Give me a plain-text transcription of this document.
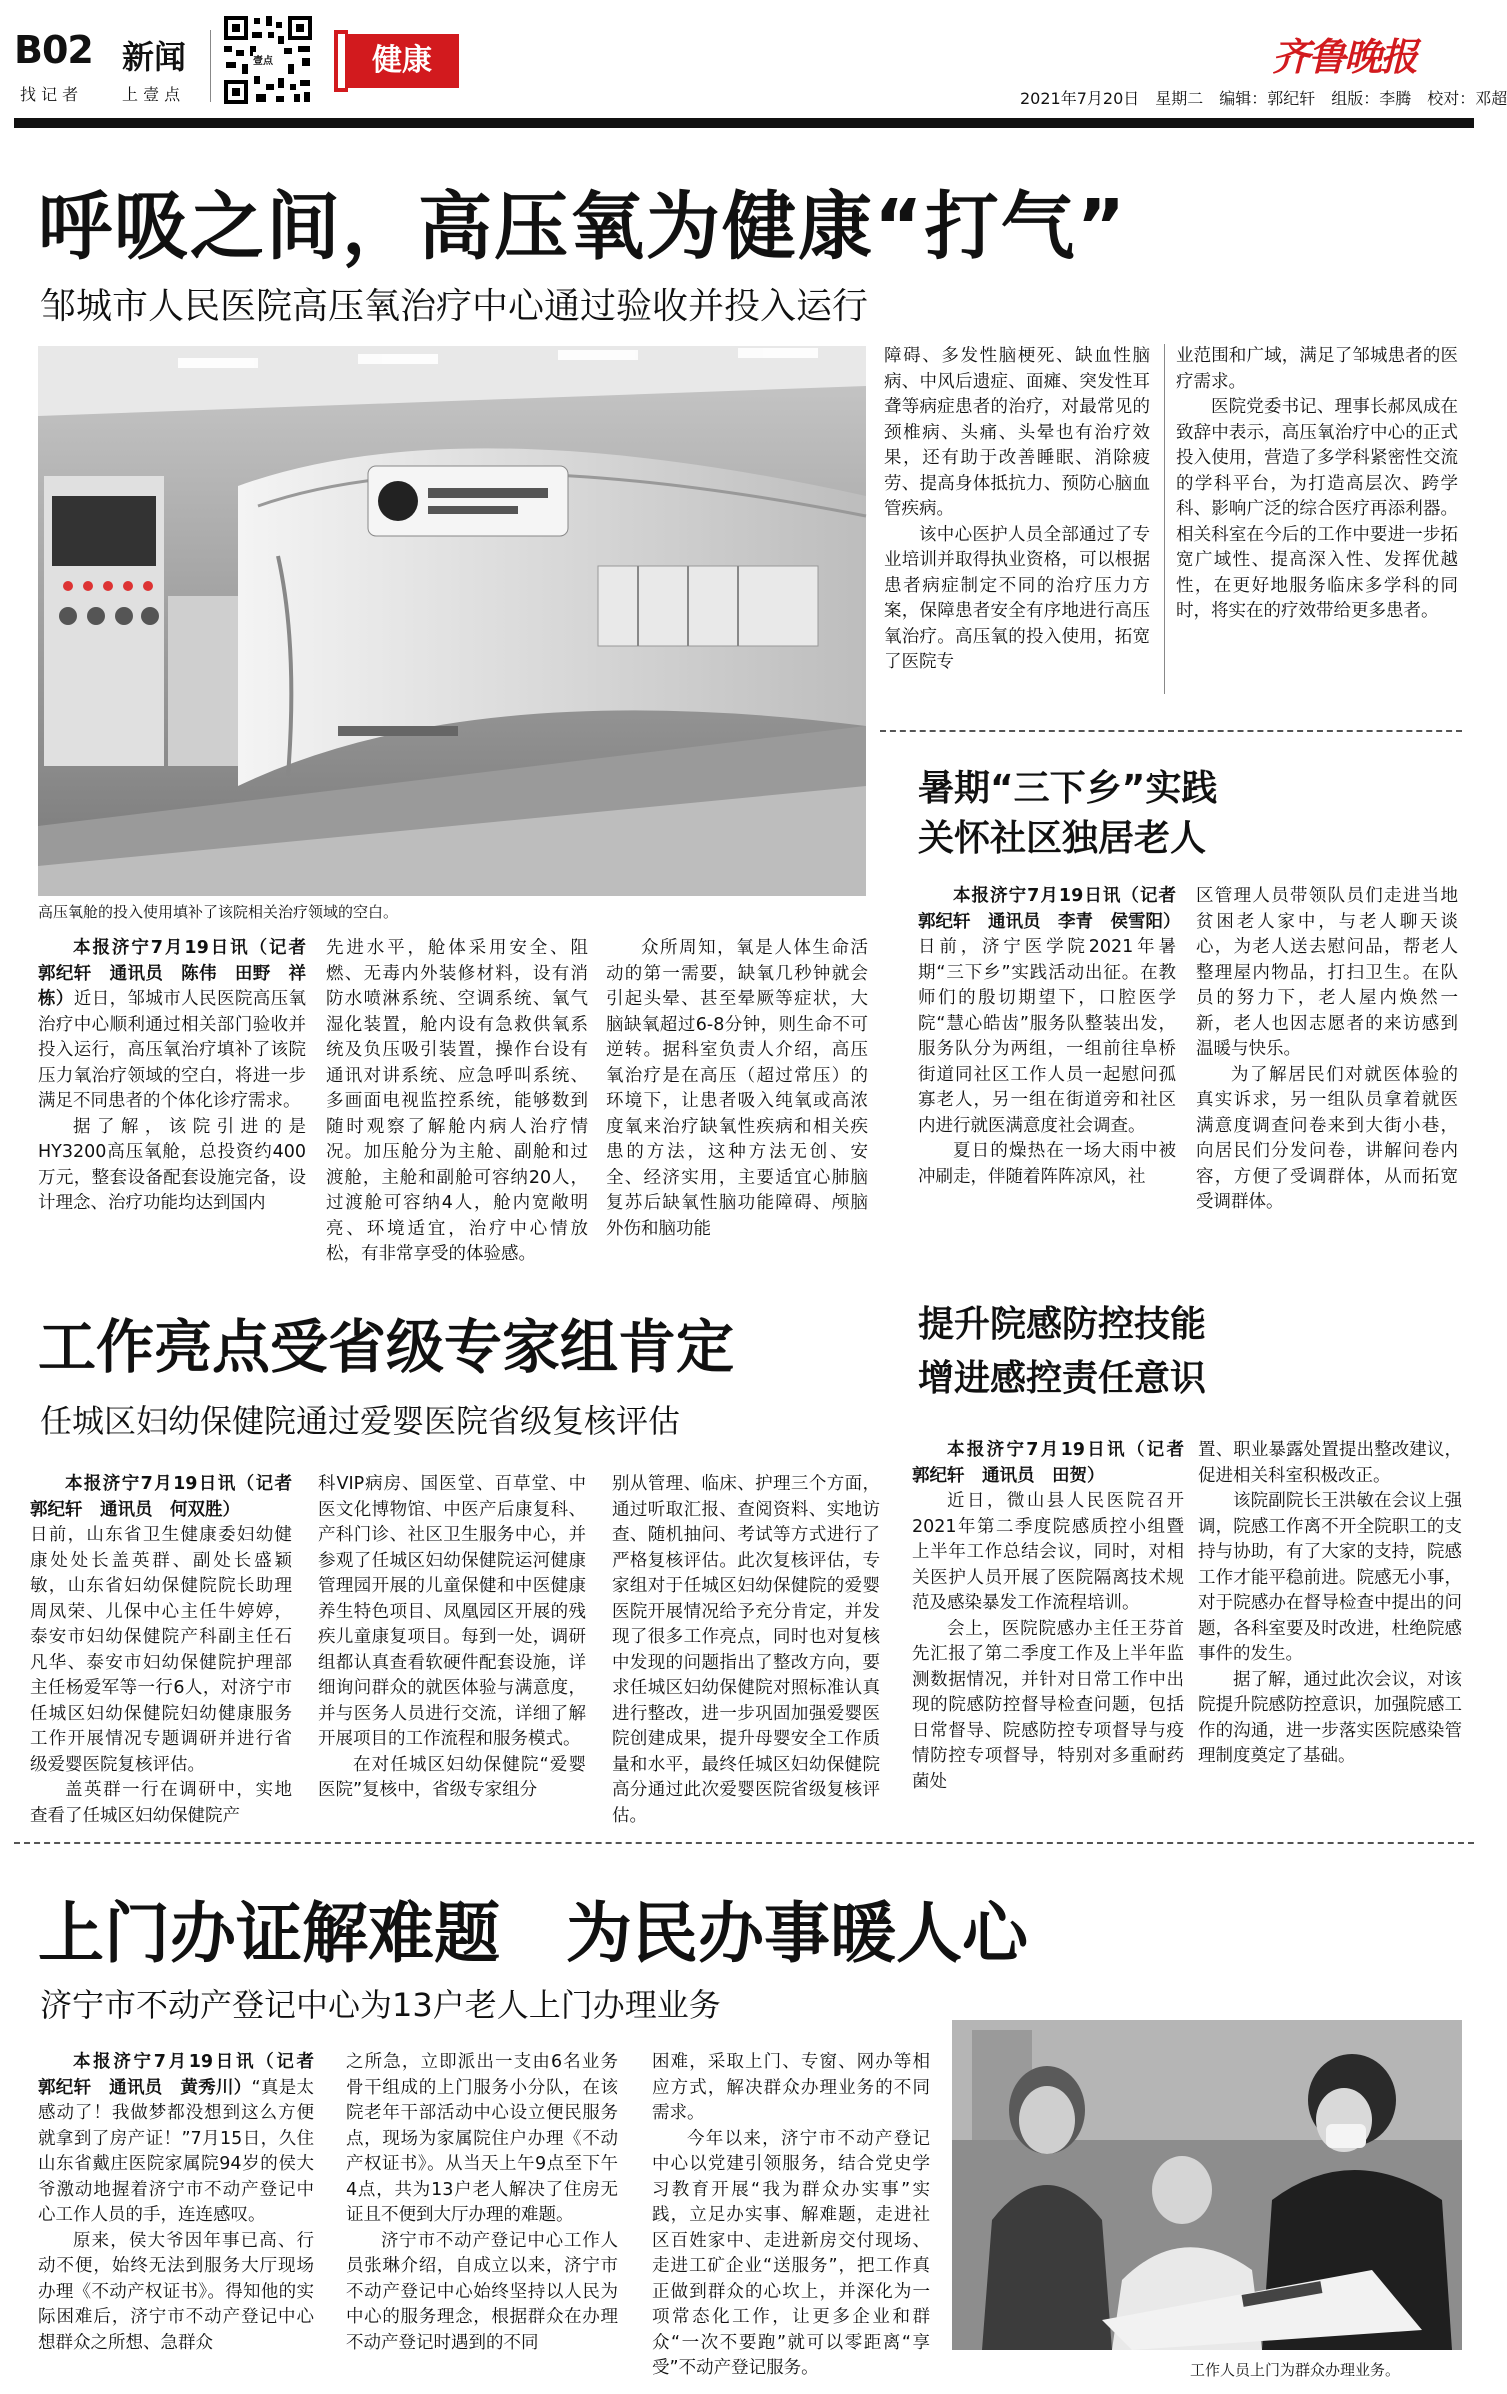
B02 新闻
找 记 者	上 壹 点
壹点	健康	齐鲁晚报
2021年7月20日　星期二　编辑：郭纪轩　组版：李腾　校对：邓超
呼吸之间，高压氧为健康“打气”
邹城市人民医院高压氧治疗中心通过验收并投入运行
高压氧舱的投入使用填补了该院相关治疗领域的空白。

障碍、多发性脑梗死、缺血性脑病、中风后遗症、面瘫、突发性耳聋等病症患者的治疗，对最常见的颈椎病、头痛、头晕也有治疗效果，还有助于改善睡眠、消除疲劳、提高身体抵抗力、预防心脑血管疾病。

该中心医护人员全部通过了专业培训并取得执业资格，可以根据患者病症制定不同的治疗压力方案，保障患者安全有序地进行高压氧治疗。高压氧的投入使用，拓宽了医院专

业范围和广域，满足了邹城患者的医疗需求。

医院党委书记、理事长郝凤成在致辞中表示，高压氧治疗中心的正式投入使用，营造了多学科紧密性交流的学科平台，为打造高层次、跨学科、影响广泛的综合医疗再添利器。相关科室在今后的工作中要进一步拓宽广域性、提高深入性、发挥优越性，在更好地服务临床多学科的同时，将实在的疗效带给更多患者。

本报济宁7月19日讯（记者　郭纪轩　通讯员　陈伟　田野　祥栋）近日，邹城市人民医院高压氧治疗中心顺利通过相关部门验收并投入运行，高压氧治疗填补了该院压力氧治疗领域的空白，将进一步满足不同患者的个体化诊疗需求。

据了解，该院引进的是HY3200高压氧舱，总投资约400万元，整套设备配套设施完备，设计理念、治疗功能均达到国内

先进水平，舱体采用安全、阻燃、无毒内外装修材料，设有消防水喷淋系统、空调系统、氧气湿化装置，舱内设有急救供氧系统及负压吸引装置，操作台设有通讯对讲系统、应急呼叫系统、多画面电视监控系统，能够数到随时观察了解舱内病人治疗情况。加压舱分为主舱、副舱和过渡舱，主舱和副舱可容纳20人，过渡舱可容纳4人，舱内宽敞明亮、环境适宜，治疗中心情放松，有非常享受的体验感。

众所周知，氧是人体生命活动的第一需要，缺氧几秒钟就会引起头晕、甚至晕厥等症状，大脑缺氧超过6-8分钟，则生命不可逆转。据科室负责人介绍，高压氧治疗是在高压（超过常压）的环境下，让患者吸入纯氧或高浓度氧来治疗缺氧性疾病和相关疾患的方法，这种方法无创、安全、经济实用，主要适宜心肺脑复苏后缺氧性脑功能障碍、颅脑外伤和脑功能

暑期“三下乡”实践
关怀社区独居老人

本报济宁7月19日讯（记者　郭纪轩　通讯员　李青　侯雪阳）日前，济宁医学院2021年暑期“三下乡”实践活动出征。在教师们的殷切期望下，口腔医学院“慧心皓齿”服务队整装出发，服务队分为两组，一组前往阜桥街道同社区工作人员一起慰问孤寡老人，另一组在街道旁和社区内进行就医满意度社会调查。

夏日的燥热在一场大雨中被冲刷走，伴随着阵阵凉风，社

区管理人员带领队员们走进当地贫困老人家中，与老人聊天谈心，为老人送去慰问品，帮老人整理屋内物品，打扫卫生。在队员的努力下，老人屋内焕然一新，老人也因志愿者的来访感到温暖与快乐。

为了解居民们对就医体验的真实诉求，另一组队员拿着就医满意度调查问卷来到大街小巷，向居民们分发问卷，讲解问卷内容，方便了受调群体，从而拓宽受调群体。

工作亮点受省级专家组肯定
任城区妇幼保健院通过爱婴医院省级复核评估

本报济宁7月19日讯（记者　郭纪轩　通讯员　何双胜）

日前，山东省卫生健康委妇幼健康处处长盖英群、副处长盛颖敏，山东省妇幼保健院院长助理周凤荣、儿保中心主任牛婷婷，泰安市妇幼保健院产科副主任石凡华、泰安市妇幼保健院护理部主任杨爱军等一行6人，对济宁市任城区妇幼保健院妇幼健康服务工作开展情况专题调研并进行省级爱婴医院复核评估。

盖英群一行在调研中，实地查看了任城区妇幼保健院产

科VIP病房、国医堂、百草堂、中医文化博物馆、中医产后康复科、产科门诊、社区卫生服务中心，并参观了任城区妇幼保健院运河健康管理园开展的儿童保健和中医健康养生特色项目、凤凰园区开展的残疾儿童康复项目。每到一处，调研组都认真查看软硬件配套设施，详细询问群众的就医体验与满意度，并与医务人员进行交流，详细了解开展项目的工作流程和服务模式。

在对任城区妇幼保健院“爱婴医院”复核中，省级专家组分

别从管理、临床、护理三个方面，通过听取汇报、查阅资料、实地访查、随机抽问、考试等方式进行了严格复核评估。此次复核评估，专家组对于任城区妇幼保健院的爱婴医院开展情况给予充分肯定，并发现了很多工作亮点，同时也对复核中发现的问题指出了整改方向，要求任城区妇幼保健院对照标准认真进行整改，进一步巩固加强爱婴医院创建成果，提升母婴安全工作质量和水平，最终任城区妇幼保健院高分通过此次爱婴医院省级复核评估。

提升院感防控技能
增进感控责任意识

本报济宁7月19日讯（记者　郭纪轩　通讯员　田贺）

近日，微山县人民医院召开2021年第二季度院感质控小组暨上半年工作总结会议，同时，对相关医护人员开展了医院隔离技术规范及感染暴发工作流程培训。

会上，医院院感办主任王芬首先汇报了第二季度工作及上半年监测数据情况，并针对日常工作中出现的院感防控督导检查问题，包括日常督导、院感防控专项督导与疫情防控专项督导，特别对多重耐药菌处

置、职业暴露处置提出整改建议，促进相关科室积极改正。

该院副院长王洪敏在会议上强调，院感工作离不开全院职工的支持与协助，有了大家的支持，院感工作才能平稳前进。院感无小事，对于院感办在督导检查中提出的问题，各科室要及时改进，杜绝院感事件的发生。

据了解，通过此次会议，对该院提升院感防控意识，加强院感工作的沟通，进一步落实医院感染管理制度奠定了基础。

上门办证解难题　为民办事暖人心
济宁市不动产登记中心为13户老人上门办理业务

本报济宁7月19日讯（记者　郭纪轩　通讯员　黄秀川）“真是太感动了！我做梦都没想到这么方便就拿到了房产证！”7月15日，久住山东省戴庄医院家属院94岁的侯大爷激动地握着济宁市不动产登记中心工作人员的手，连连感叹。

原来，侯大爷因年事已高、行动不便，始终无法到服务大厅现场办理《不动产权证书》。得知他的实际困难后，济宁市不动产登记中心想群众之所想、急群众

之所急，立即派出一支由6名业务骨干组成的上门服务小分队，在该院老年干部活动中心设立便民服务点，现场为家属院住户办理《不动产权证书》。从当天上午9点至下午4点，共为13户老人解决了住房无证且不便到大厅办理的难题。

济宁市不动产登记中心工作人员张琳介绍，自成立以来，济宁市不动产登记中心始终坚持以人民为中心的服务理念，根据群众在办理不动产登记时遇到的不同

困难，采取上门、专窗、网办等相应方式，解决群众办理业务的不同需求。

今年以来，济宁市不动产登记中心以党建引领服务，结合党史学习教育开展“我为群众办实事”实践，立足办实事、解难题，走进社区百姓家中、走进新房交付现场、走进工矿企业“送服务”，把工作真正做到群众的心坎上，并深化为一项常态化工作，让更多企业和群众“一次不要跑”就可以零距离“享受”不动产登记服务。	工作人员上门为群众办理业务。
